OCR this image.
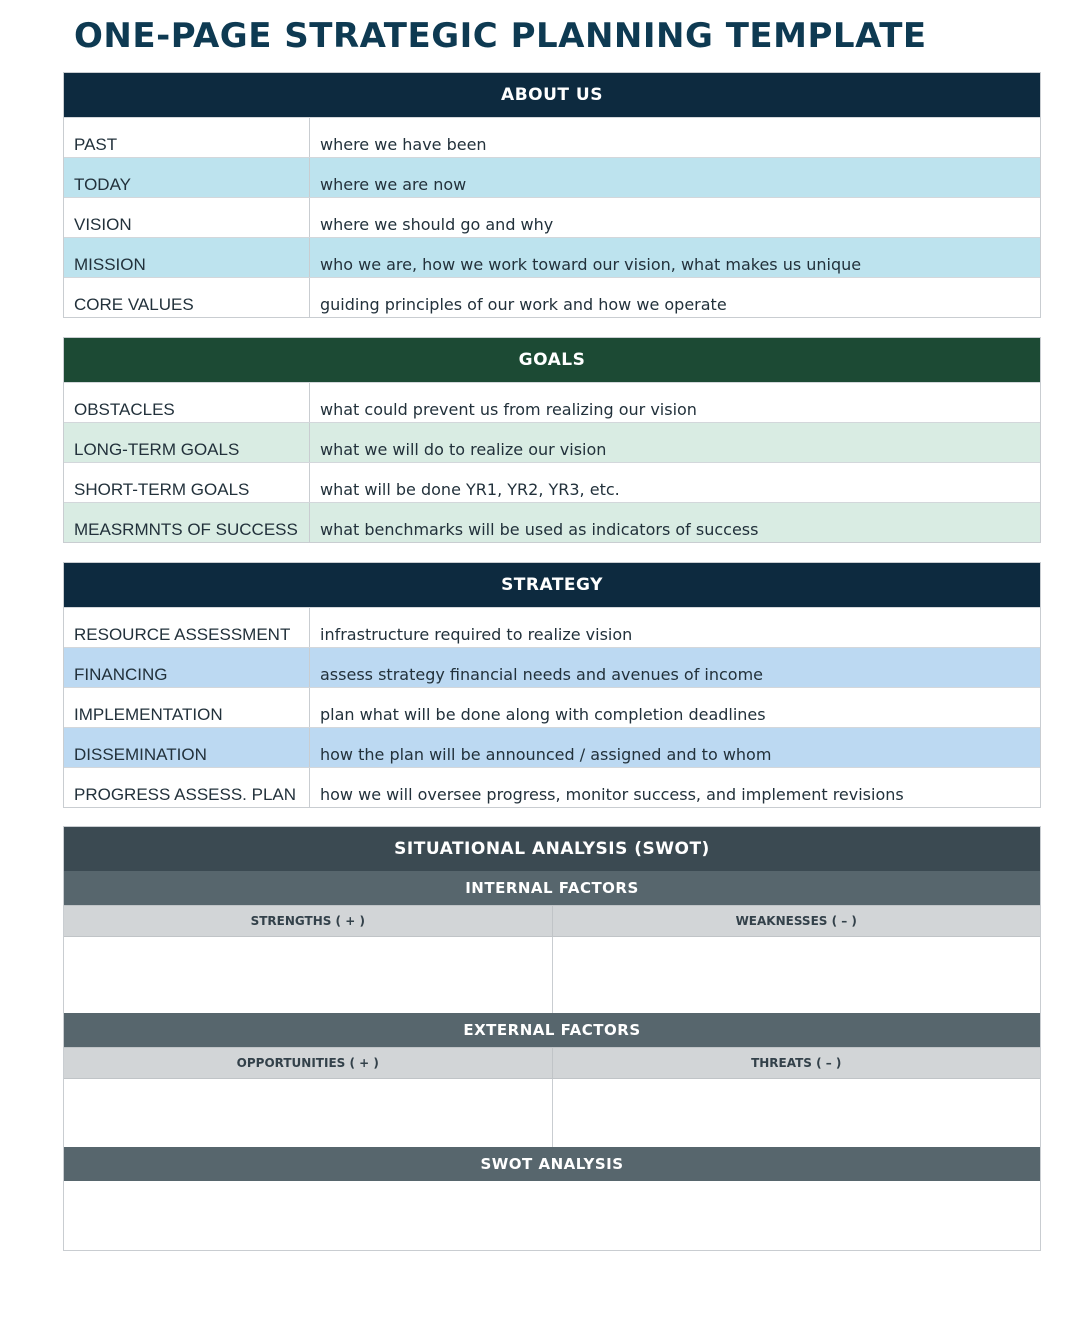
ONE-PAGE STRATEGIC PLANNING TEMPLATE
ABOUT US
PAST	where we have been
TODAY	where we are now
VISION	where we should go and why
MISSION	who we are, how we work toward our vision, what makes us unique
CORE VALUES	guiding principles of our work and how we operate
GOALS
OBSTACLES	what could prevent us from realizing our vision
LONG-TERM GOALS	what we will do to realize our vision
SHORT-TERM GOALS	what will be done YR1, YR2, YR3, etc.
MEASRMNTS OF SUCCESS	what benchmarks will be used as indicators of success
STRATEGY
RESOURCE ASSESSMENT	infrastructure required to realize vision
FINANCING	assess strategy financial needs and avenues of income
IMPLEMENTATION	plan what will be done along with completion deadlines
DISSEMINATION	how the plan will be announced / assigned and to whom
PROGRESS ASSESS. PLAN	how we will oversee progress, monitor success, and implement revisions
SITUATIONAL ANALYSIS (SWOT)
INTERNAL FACTORS
STRENGTHS ( + )	WEAKNESSES ( – )
EXTERNAL FACTORS
OPPORTUNITIES ( + )	THREATS ( – )
SWOT ANALYSIS
